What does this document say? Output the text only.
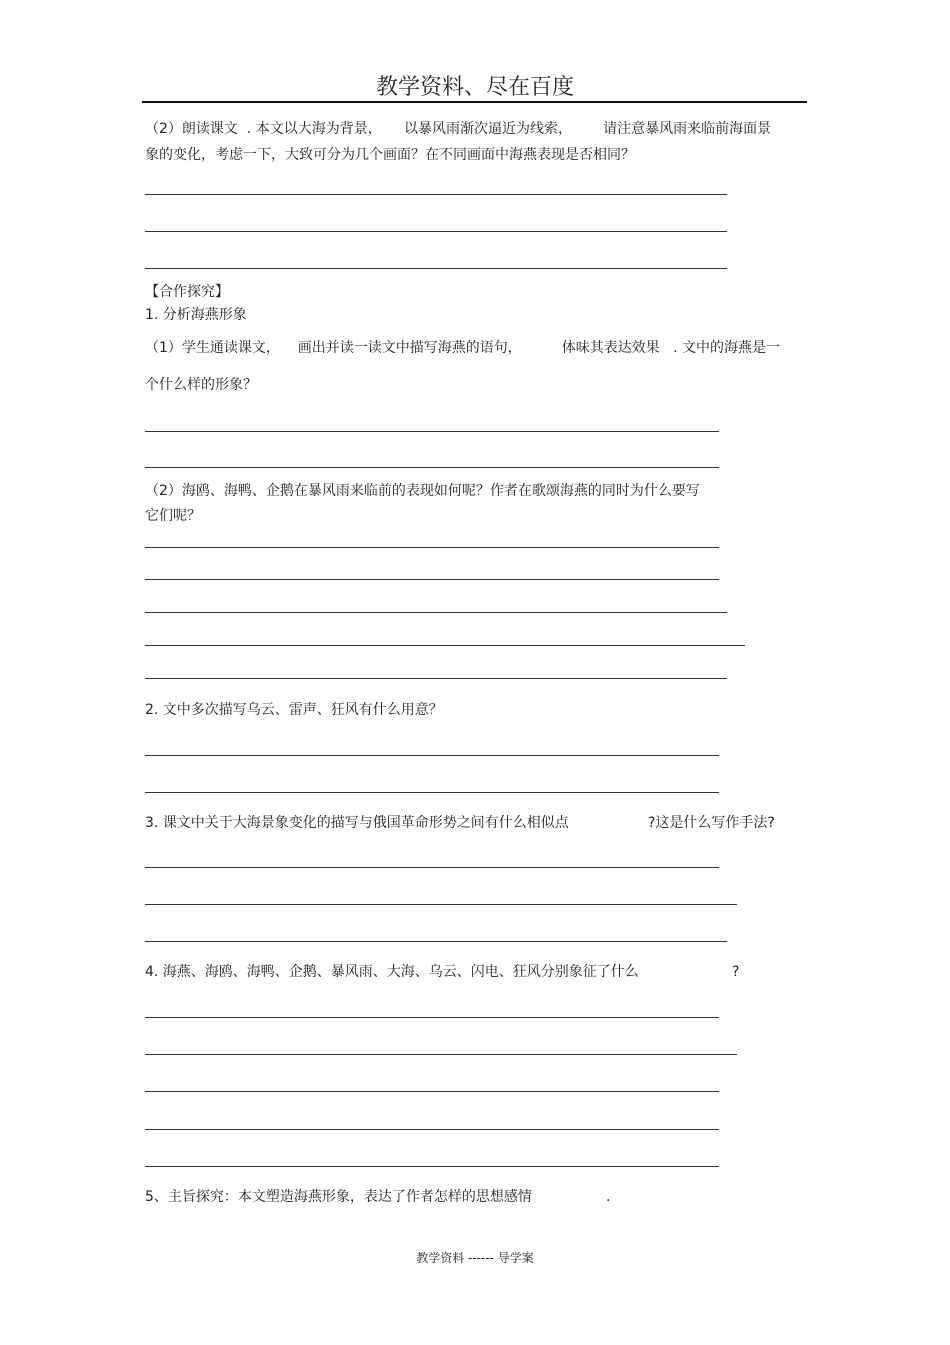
教学资料、尽在百度
（2）朗读课文  . 本文以大海为背景，     以暴风雨渐次逼近为线索，       请注意暴风雨来临前海面景
象的变化，考虑一下，大致可分为几个画面？在不同画面中海燕表现是否相同？
【合作探究】
1. 分析海燕形象
（1）学生通读课文，    画出并读一读文中描写海燕的语句，         体味其表达效果   . 文中的海燕是一
个什么样的形象？
（2）海鸥、海鸭、企鹅在暴风雨来临前的表现如何呢？作者在歌颂海燕的同时为什么要写
它们呢？
2. 文中多次描写乌云、雷声、狂风有什么用意？
3. 课文中关于大海景象变化的描写与俄国革命形势之间有什么相似点	?这是什么写作手法?
4. 海燕、海鸥、海鸭、企鹅、暴风雨、大海、乌云、闪电、狂风分别象征了什么	?
5、主旨探究：本文塑造海燕形象，表达了作者怎样的思想感情	.
教学资料 ------ 导学案
